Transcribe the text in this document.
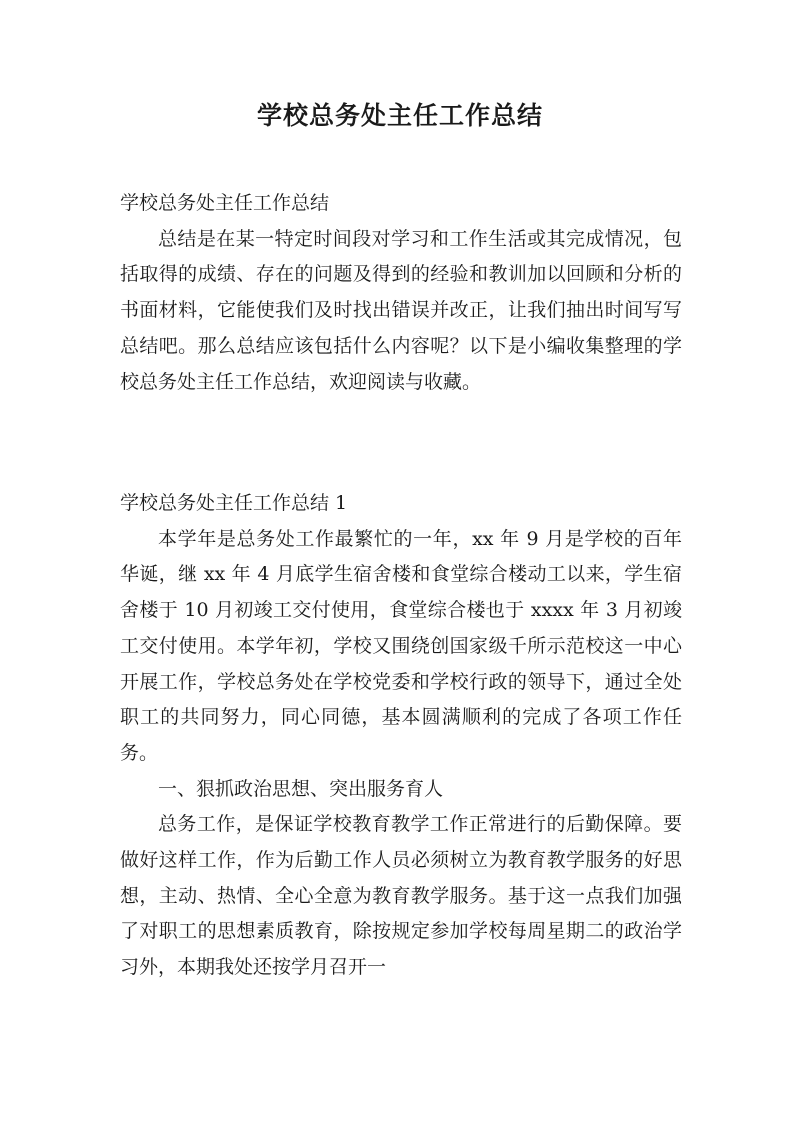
学校总务处主任工作总结

学校总务处主任工作总结

总结是在某一特定时间段对学习和工作生活或其完成情况，包括取得的成绩、存在的问题及得到的经验和教训加以回顾和分析的书面材料，它能使我们及时找出错误并改正，让我们抽出时间写写总结吧。那么总结应该包括什么内容呢？以下是小编收集整理的学校总务处主任工作总结，欢迎阅读与收藏。

学校总务处主任工作总结 1

本学年是总务处工作最繁忙的一年，xx 年 9 月是学校的百年华诞，继 xx 年 4 月底学生宿舍楼和食堂综合楼动工以来，学生宿舍楼于 10 月初竣工交付使用，食堂综合楼也于 xxxx 年 3 月初竣工交付使用。本学年初，学校又围绕创国家级千所示范校这一中心开展工作，学校总务处在学校党委和学校行政的领导下，通过全处职工的共同努力，同心同德，基本圆满顺利的完成了各项工作任务。

一、狠抓政治思想、突出服务育人

总务工作，是保证学校教育教学工作正常进行的后勤保障。要做好这样工作，作为后勤工作人员必须树立为教育教学服务的好思想，主动、热情、全心全意为教育教学服务。基于这一点我们加强了对职工的思想素质教育，除按规定参加学校每周星期二的政治学习外，本期我处还按学月召开一
